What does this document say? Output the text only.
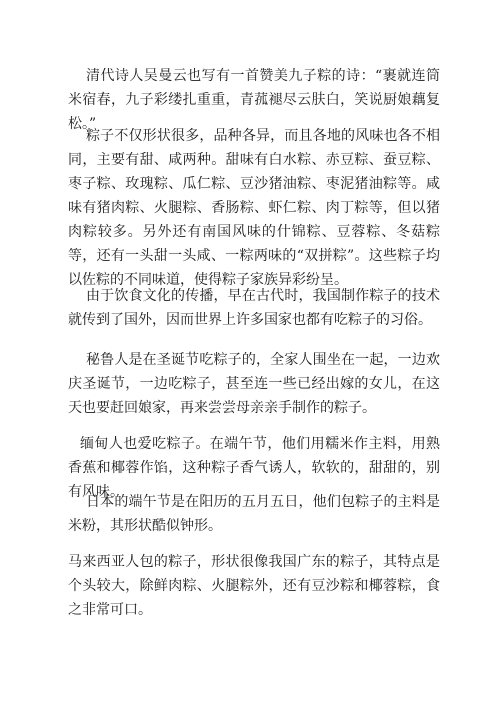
清代诗人吴曼云也写有一首赞美九子粽的诗：“裹就连筒米宿春，九子彩缕扎重重，青菰褪尽云肤白，笑说厨娘藕复松。”

粽子不仅形状很多，品种各异，而且各地的风味也各不相同，主要有甜、咸两种。甜味有白水粽、赤豆粽、蚕豆粽、枣子粽、玫瑰粽、瓜仁粽、豆沙猪油粽、枣泥猪油粽等。咸味有猪肉粽、火腿粽、香肠粽、虾仁粽、肉丁粽等，但以猪肉粽较多。另外还有南国风味的什锦粽、豆蓉粽、冬菇粽等，还有一头甜一头咸、一粽两味的“双拼粽”。这些粽子均以佐粽的不同味道，使得粽子家族异彩纷呈。

由于饮食文化的传播，早在古代时，我国制作粽子的技术就传到了国外，因而世界上许多国家也都有吃粽子的习俗。

秘鲁人是在圣诞节吃粽子的，全家人围坐在一起，一边欢庆圣诞节，一边吃粽子，甚至连一些已经出嫁的女儿，在这天也要赶回娘家，再来尝尝母亲亲手制作的粽子。

缅甸人也爱吃粽子。在端午节，他们用糯米作主料，用熟香蕉和椰蓉作馅，这种粽子香气诱人，软软的，甜甜的，别有风味。

日本的端午节是在阳历的五月五日，他们包粽子的主料是米粉，其形状酷似钟形。

马来西亚人包的粽子，形状很像我国广东的粽子，其特点是个头较大，除鲜肉粽、火腿粽外，还有豆沙粽和椰蓉粽，食之非常可口。
